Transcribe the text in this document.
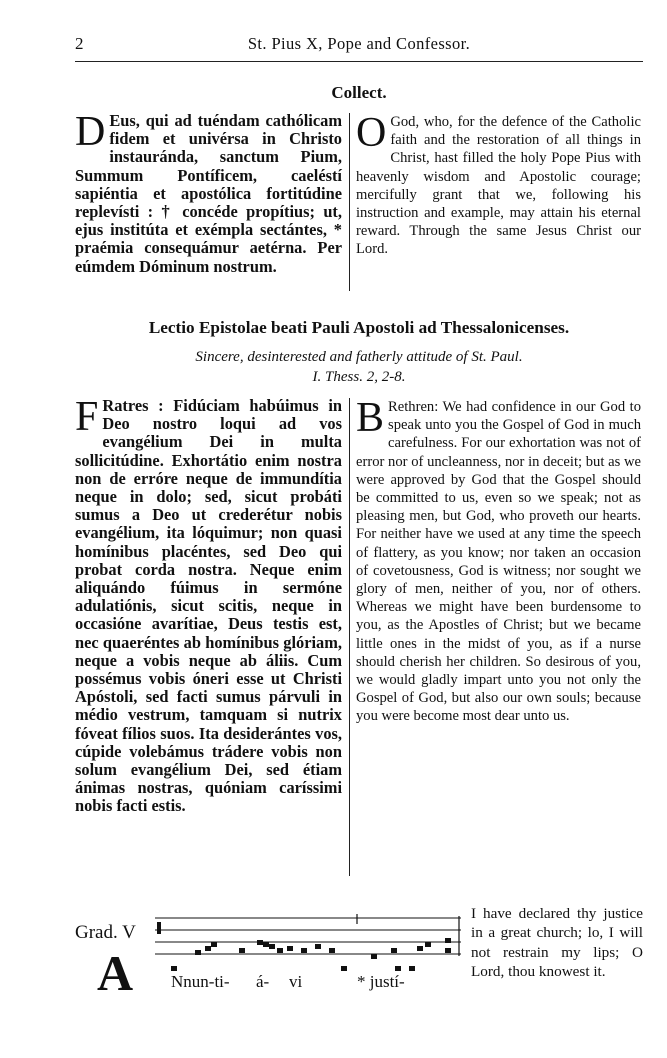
2	St. Pius X, Pope and Confessor.
Collect.
D Eus, qui ad tuéndam cathólicam fidem et univérsa in Christo instauránda, sanctum Pium, Summum Pontíficem, caeléstí sapiéntia et apostólica fortitúdine replevísti : † concéde propítius; ut, ejus institúta et exémpla sectántes, * praémia consequámur aetérna. Per eúmdem Dóminum nostrum.

O God, who, for the defence of the Catholic faith and the restoration of all things in Christ, hast filled the holy Pope Pius with heavenly wisdom and Apostolic courage; mercifully grant that we, following his instruction and example, may attain his eternal reward. Through the same Jesus Christ our Lord.

Lectio Epistolae beati Pauli Apostoli ad Thessalonicenses.
Sincere, desinterested and fatherly attitude of St. Paul.
I. Thess. 2, 2-8.
F Ratres : Fidúciam habúimus in Deo nostro loqui ad vos evangélium Dei in multa sollicitúdine. Exhortátio enim nostra non de erróre neque de immundítia neque in dolo; sed, sicut probáti sumus a Deo ut crederétur nobis evangélium, ita lóquimur; non quasi homínibus placéntes, sed Deo qui probat corda nostra. Neque enim aliquándo fúimus in sermóne adulatiónis, sicut scitis, neque in occasióne avarítiae, Deus testis est, nec quaeréntes ab homínibus glóriam, neque a vobis neque ab áliis. Cum possémus vobis óneri esse ut Christi Apóstoli, sed facti sumus párvuli in médio vestrum, tamquam si nutrix fóveat fílios suos. Ita desiderántes vos, cúpide volebámus trádere vobis non solum evangélium Dei, sed étiam ánimas nostras, quóniam caríssimi nobis facti estis.

B Rethren: We had confidence in our God to speak unto you the Gospel of God in much carefulness. For our exhortation was not of error nor of uncleanness, nor in deceit; but as we were approved by God that the Gospel should be committed to us, even so we speak; not as pleasing men, but God, who proveth our hearts. For neither have we used at any time the speech of flattery, as you know; nor taken an occasion of covetousness, God is witness; nor sought we glory of men, neither of you, nor of others. Whereas we might have been burdensome to you, as the Apostles of Christ; but we became little ones in the midst of you, as if a nurse should cherish her children. So desirous of you, we would gladly impart unto you not only the Gospel of God, but also our own souls; because you were become most dear unto us.

Grad. V
A Nnun-ti- á- vi	* justí-

I have declared thy justice in a great church; lo, I will not restrain my lips; O Lord, thou knowest it.
